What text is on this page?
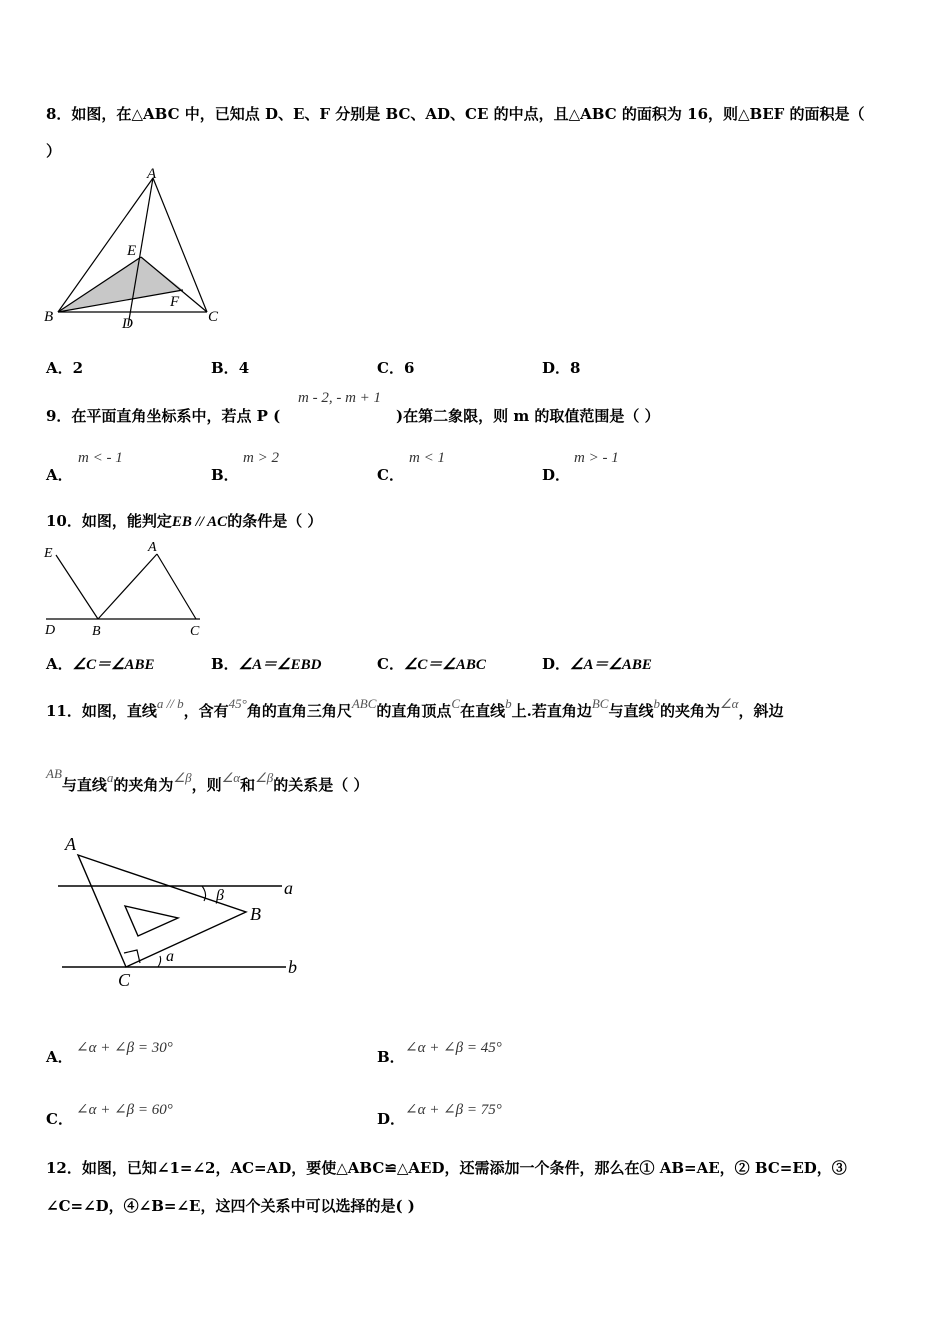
8．如图，在△ABC 中，已知点 D、E、F 分别是 BC、AD、CE 的中点，且△ABC 的面积为 16，则△BEF 的面积是（
）
A
E
F
B	D	C
A．2	B．4	C．6	D．8
9．在平面直角坐标系中，若点 P (
m - 2, - m + 1
)在第二象限，则 m 的取值范围是（ ）
A．
m < - 1
B．
m > 2
C．
m < 1
D．
m > - 1
10．如图，能判定EB // AC的条件是（ ）
E	A
D	B	C
A．∠C＝∠ABE	B．∠A＝∠EBD	C．∠C＝∠ABC	D．∠A＝∠ABE
11．如图，直线a // b，含有45°角的直角三角尺ABC的直角顶点C在直线b上.若直角边BC与直线b的夹角为∠α，斜边
AB与直线a的夹角为∠β，则∠α和∠β的关系是（ ）
A
B
C
a
b
β
a
A． ∠α + ∠β = 30°	B． ∠α + ∠β = 45°
C． ∠α + ∠β = 60°	D． ∠α + ∠β = 75°
12．如图，已知∠1=∠2，AC=AD，要使△ABC≌△AED，还需添加一个条件，那么在① AB=AE，② BC=ED，③
∠C=∠D，④∠B=∠E，这四个关系中可以选择的是( )
